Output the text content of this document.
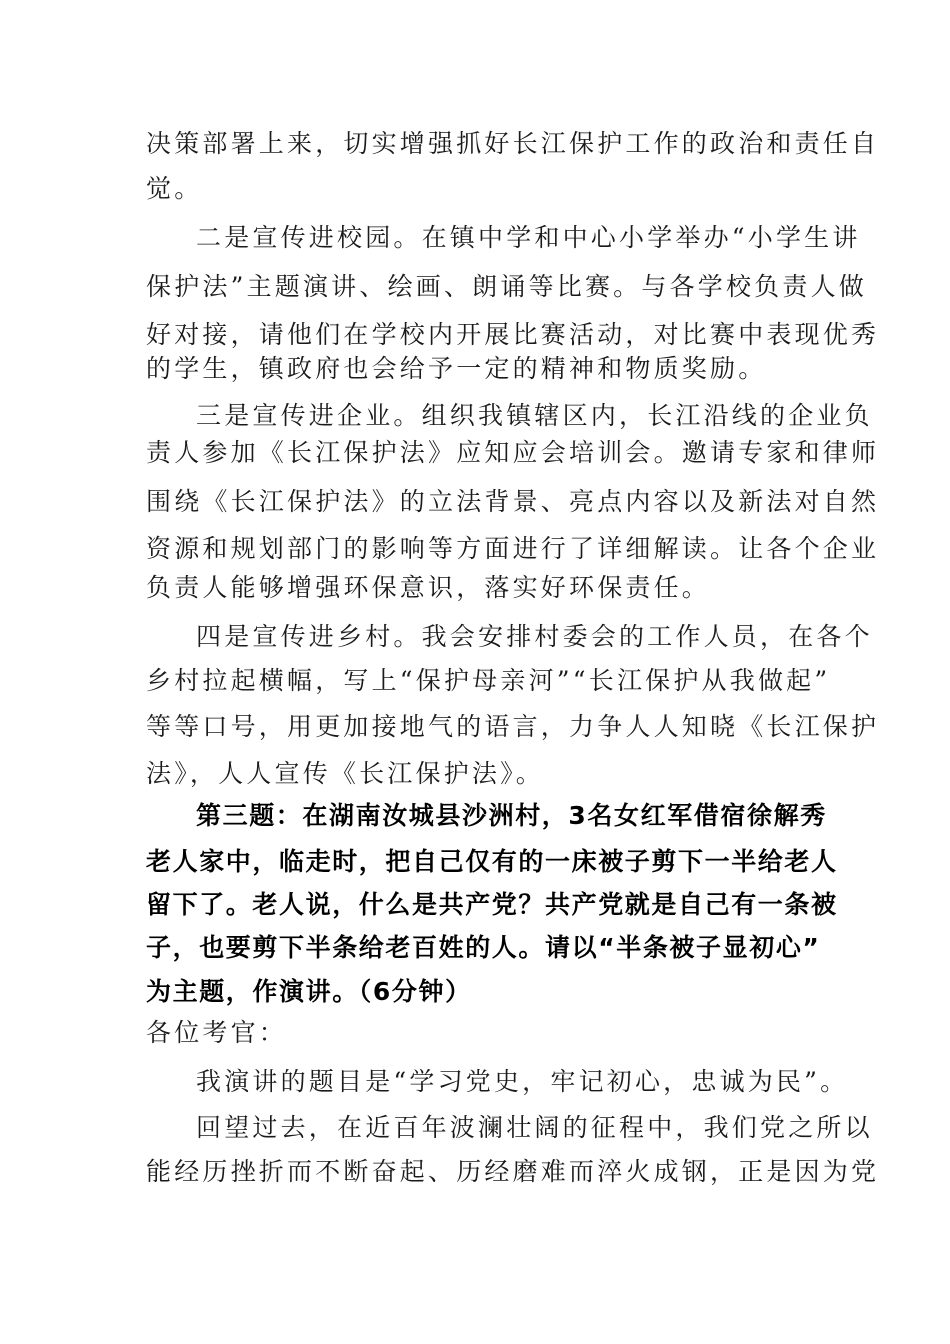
决策部署上来，切实增强抓好长江保护工作的政治和责任自
觉。
二是宣传进校园。在镇中学和中心小学举办“小学生讲
保护法”主题演讲、绘画、朗诵等比赛。与各学校负责人做
好对接，请他们在学校内开展比赛活动，对比赛中表现优秀
的学生，镇政府也会给予一定的精神和物质奖励。
三是宣传进企业。组织我镇辖区内，长江沿线的企业负
责人参加《长江保护法》应知应会培训会。邀请专家和律师
围绕《长江保护法》的立法背景、亮点内容以及新法对自然
资源和规划部门的影响等方面进行了详细解读。让各个企业
负责人能够增强环保意识，落实好环保责任。
四是宣传进乡村。我会安排村委会的工作人员，在各个
乡村拉起横幅，写上“保护母亲河”“长江保护从我做起”
等等口号，用更加接地气的语言，力争人人知晓《长江保护
法》，人人宣传《长江保护法》。
第三题：在湖南汝城县沙洲村，3名女红军借宿徐解秀
老人家中，临走时，把自己仅有的一床被子剪下一半给老人
留下了。老人说，什么是共产党？共产党就是自己有一条被
子，也要剪下半条给老百姓的人。请以“半条被子显初心”
为主题，作演讲。（6分钟）
各位考官：
我演讲的题目是“学习党史，牢记初心，忠诚为民”。
回望过去，在近百年波澜壮阔的征程中，我们党之所以
能经历挫折而不断奋起、历经磨难而淬火成钢，正是因为党
